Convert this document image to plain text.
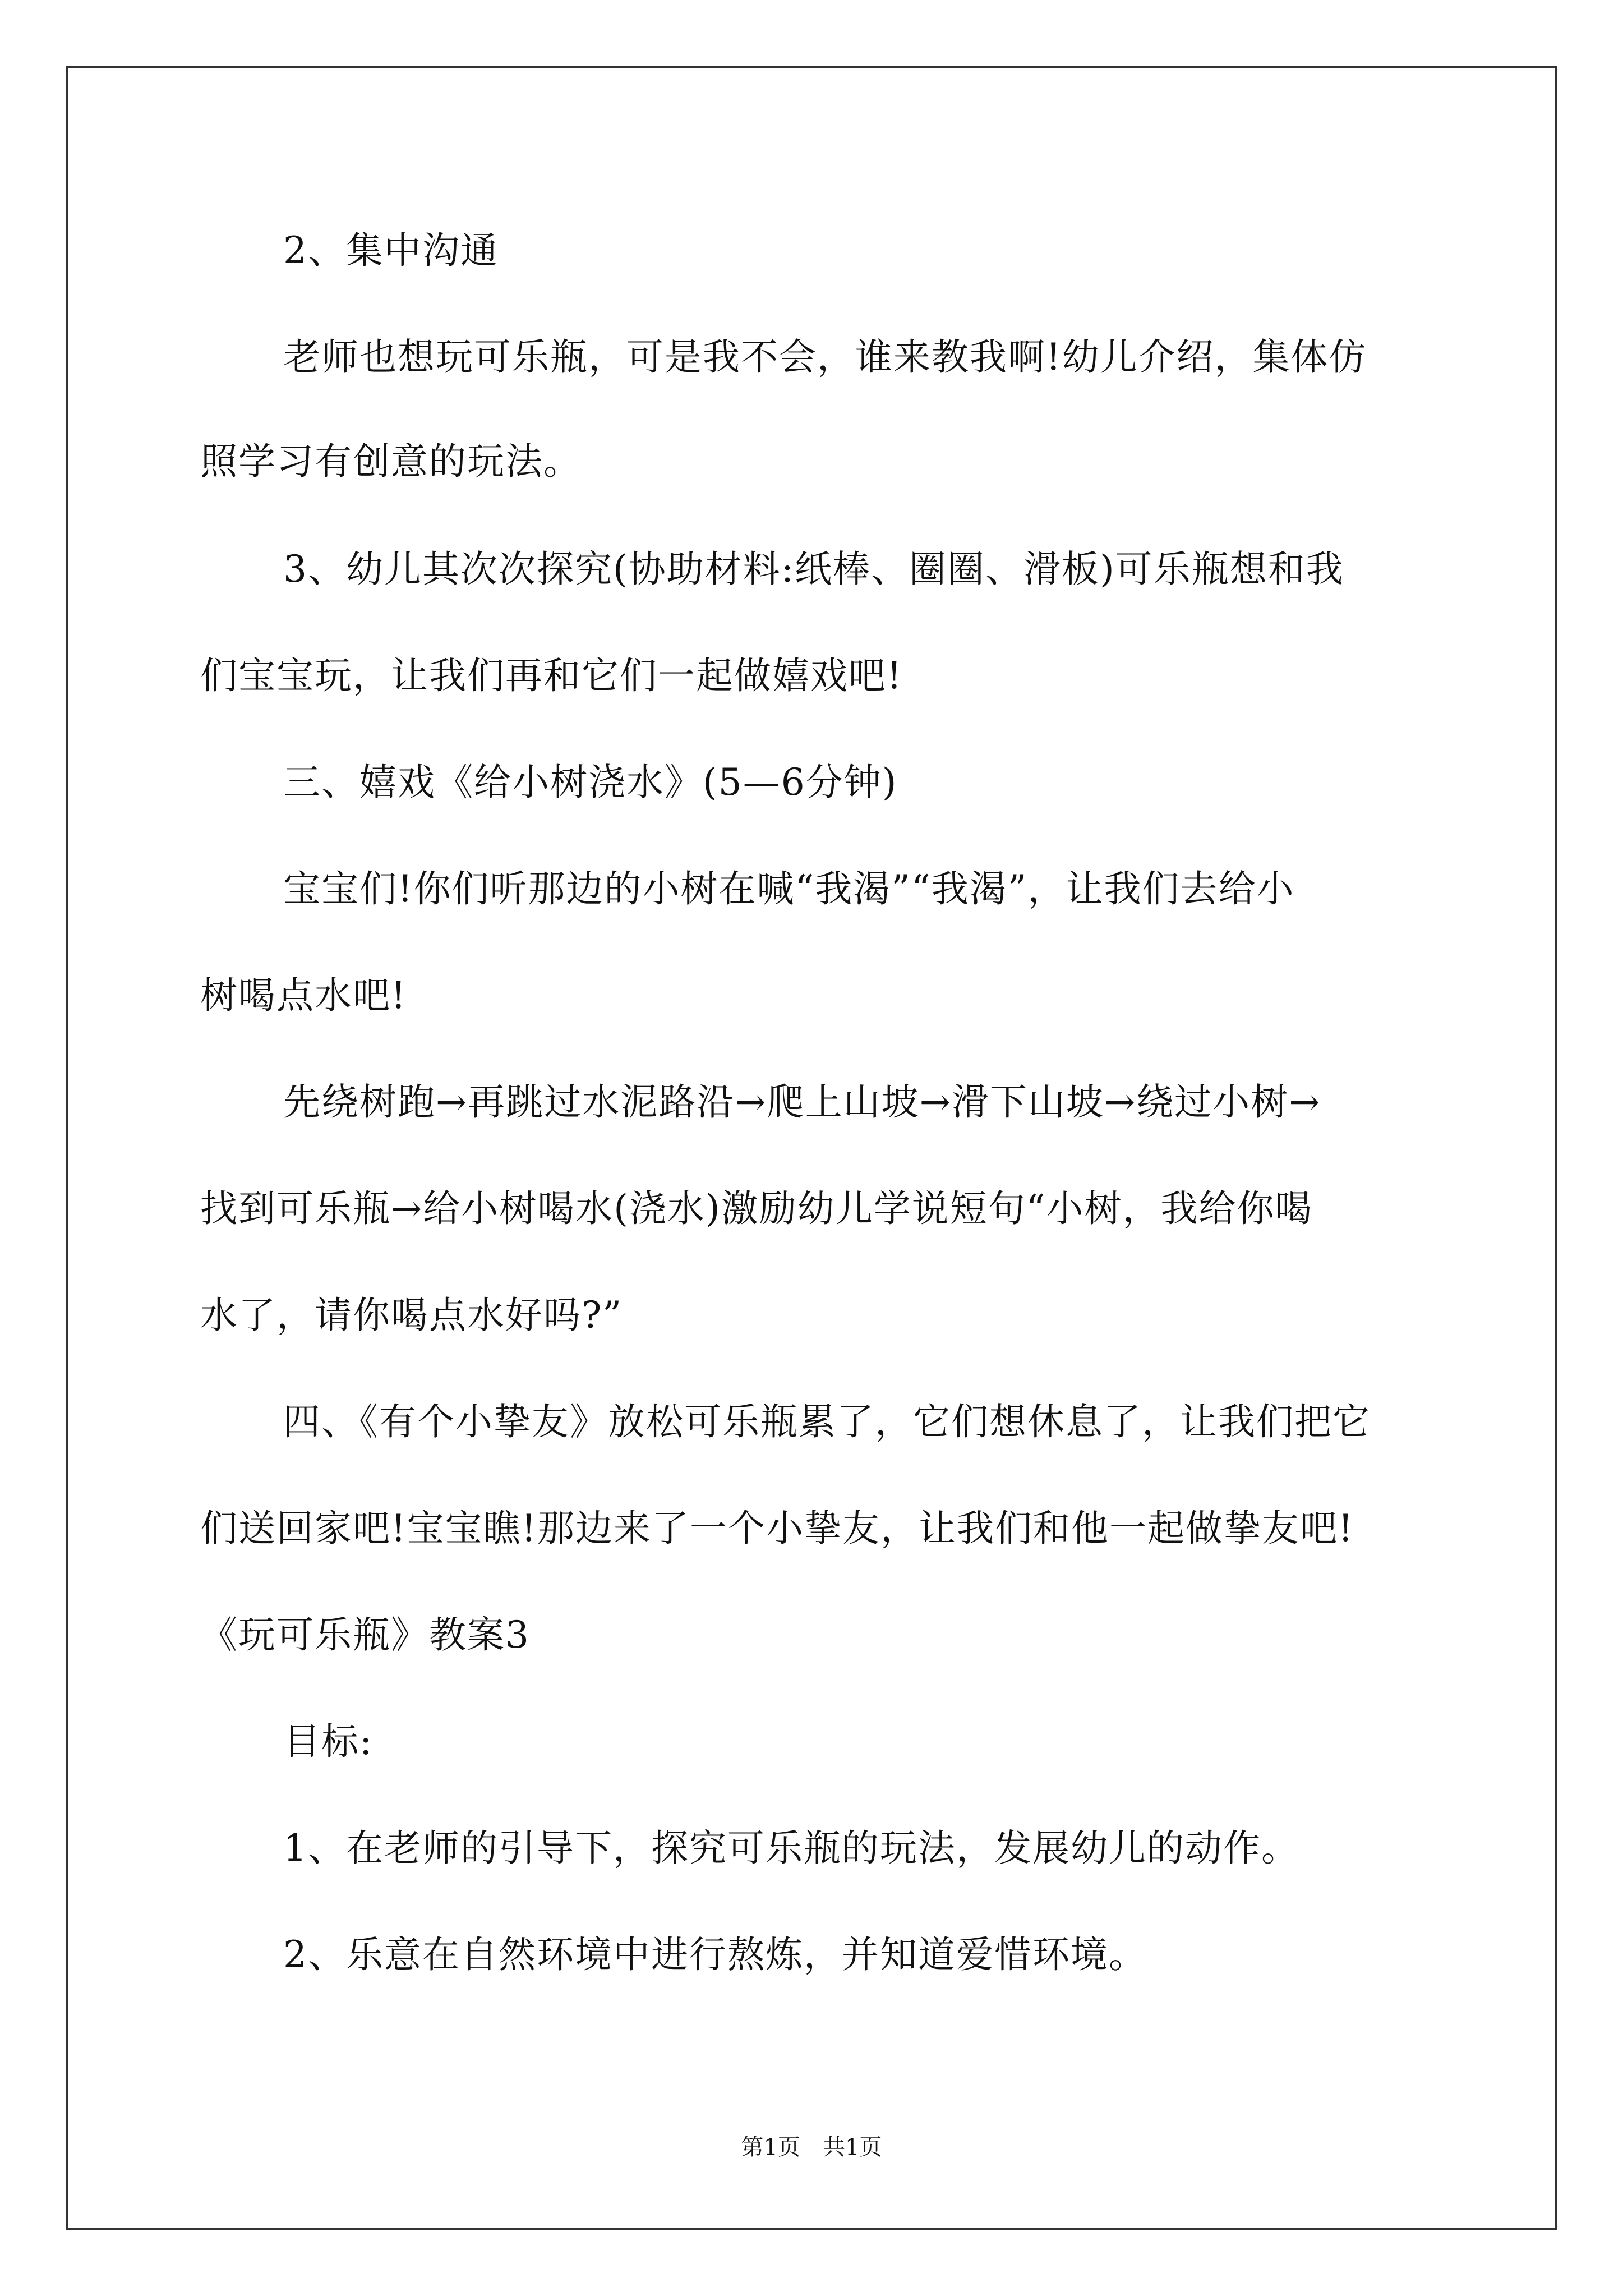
2、集中沟通
老师也想玩可乐瓶，可是我不会，谁来教我啊!幼儿介绍，集体仿
照学习有创意的玩法。
3、幼儿其次次探究(协助材料:纸棒、圈圈、滑板)可乐瓶想和我
们宝宝玩，让我们再和它们一起做嬉戏吧!
三、嬉戏《给小树浇水》(5—6分钟)
宝宝们!你们听那边的小树在喊“我渴”“我渴”，让我们去给小
树喝点水吧!
先绕树跑→再跳过水泥路沿→爬上山坡→滑下山坡→绕过小树→
找到可乐瓶→给小树喝水(浇水)激励幼儿学说短句“小树，我给你喝
水了，请你喝点水好吗?”
四、《有个小挚友》放松可乐瓶累了，它们想休息了，让我们把它
们送回家吧!宝宝瞧!那边来了一个小挚友，让我们和他一起做挚友吧!
《玩可乐瓶》教案3
目标:
1、在老师的引导下，探究可乐瓶的玩法，发展幼儿的动作。
2、乐意在自然环境中进行熬炼，并知道爱惜环境。
第1页　共1页
